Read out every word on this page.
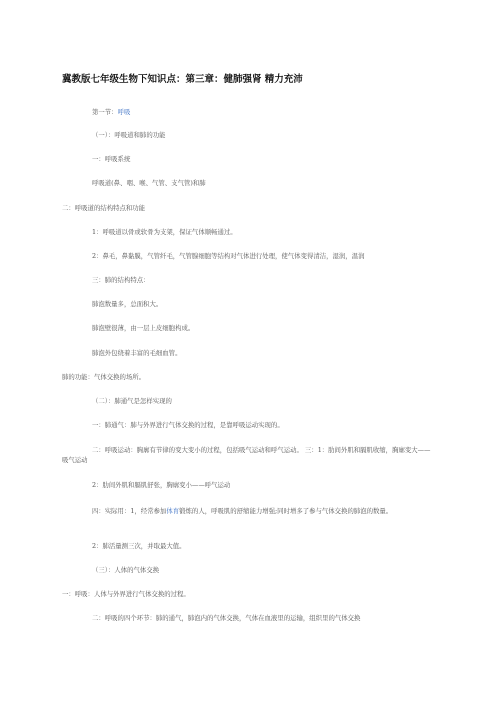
冀教版七年级生物下知识点：第三章：健肺强肾 精力充沛
第一节：呼吸
（一）：呼吸道和肺的功能
一：呼吸系统
呼吸道(鼻、咽、喉、气管、支气管)和肺
二：呼吸道的结构特点和功能
1：呼吸道以骨或软骨为支架，保证气体顺畅通过。
2：鼻毛，鼻黏膜，气管纤毛，气管腺细胞等结构对气体进行处理，使气体变得清洁，湿润，温润
三：肺的结构特点：
肺泡数量多，总面积大。
肺泡壁很薄，由一层上皮细胞构成。
肺泡外包绕着丰富的毛细血管。
肺的功能：气体交换的场所。
（二）：肺通气是怎样实现的
一：肺通气：肺与外界进行气体交换的过程，是靠呼吸运动实现的。
二：呼吸运动：胸廓有节律的变大变小的过程，包括吸气运动和呼气运动。 三：1：肋间外肌和膈肌收缩，胸廓变大——吸气运动
2：肋间外肌和膈肌舒张，胸廓变小——呼气运动
四：实际用：1，经常参加体育锻炼的人，呼吸肌的舒缩能力增强;同时增多了参与气体交换的肺泡的数量。
2：肺活量测三次，并取最大值。
（三）：人体的气体交换
一：呼吸：人体与外界进行气体交换的过程。
二：呼吸的四个环节：肺的通气，肺泡内的气体交换，气体在血液里的运输，组织里的气体交换
